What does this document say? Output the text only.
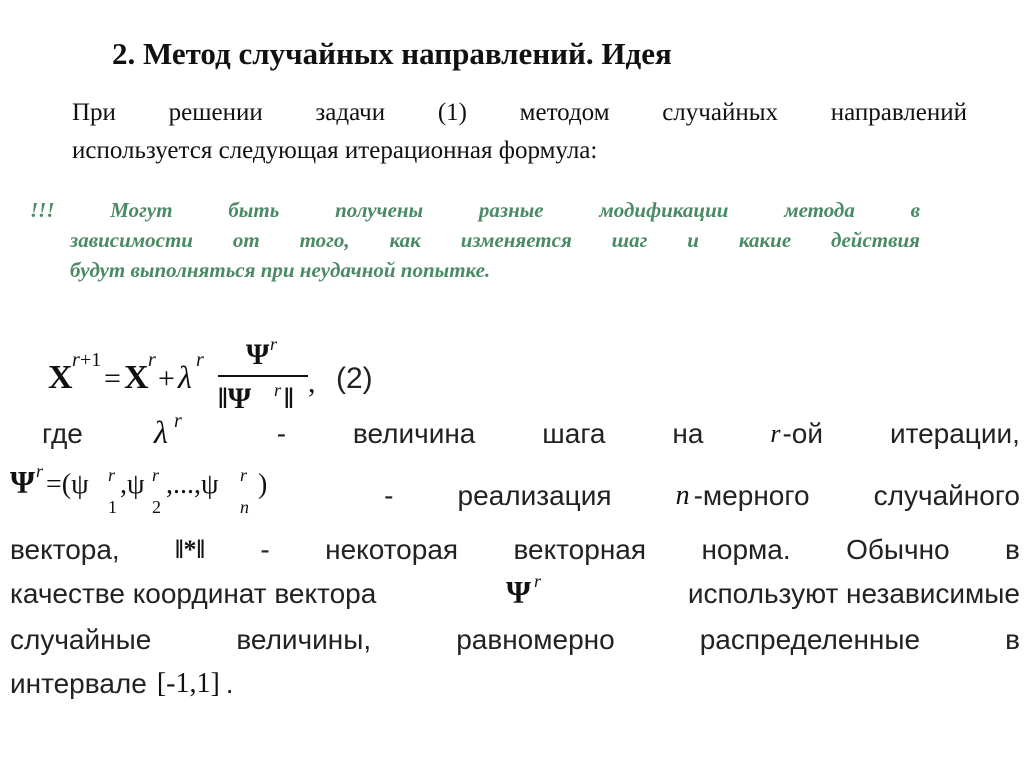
2. Метод случайных направлений. Идея
При решении задачи (1) методом случайных направлений
используется следующая итерационная формула:
!!! Могут быть получены разные модификации метода в
зависимости от того, как изменяется шаг и какие действия
будут выполняться при неудачной попытке.
X r +1
= X r
+ λ r Ψ r
‖Ψ r ‖ , (2)
где λ r	- величина шага на	r -ой итерации,
Ψ r =(ψ r
1
,ψ r
2
,...,ψ r
n
)	- реализация n -мерного случайного
вектора, ‖*‖ - некоторая векторная норма. Обычно в
качестве координат вектора	Ψ r	используют независимые
случайные	величины,	равномерно	распределенные	в
интервале [-1,1] .
